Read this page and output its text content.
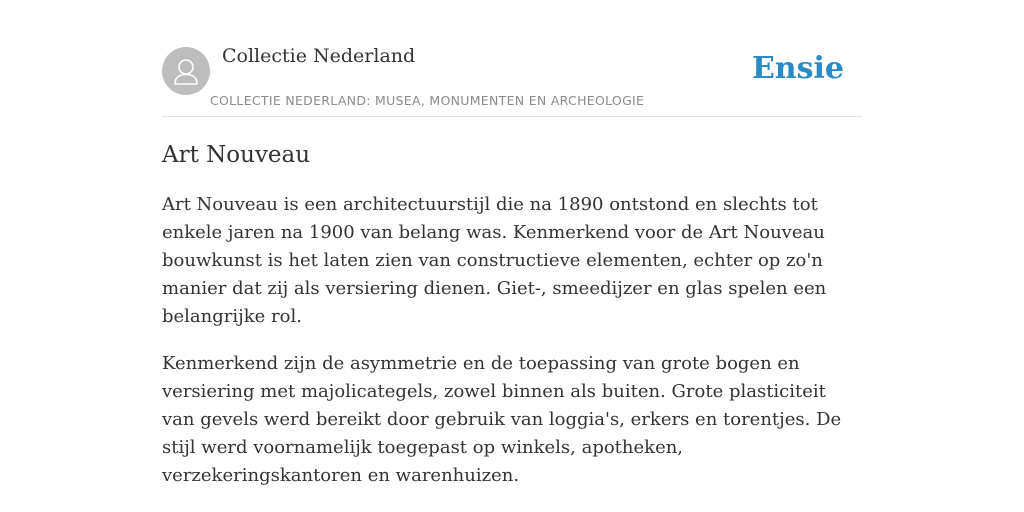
Collectie Nederland
COLLECTIE NEDERLAND: MUSEA, MONUMENTEN EN ARCHEOLOGIE
Ensie
Art Nouveau

Art Nouveau is een architectuurstijl die na 1890 ontstond en slechts tot enkele jaren na 1900 van belang was. Kenmerkend voor de Art Nouveau bouwkunst is het laten zien van constructieve elementen, echter op zo'n manier dat zij als versiering dienen. Giet-, smeedijzer en glas spelen een belangrijke rol.

Kenmerkend zijn de asymmetrie en de toepassing van grote bogen en versiering met majolicategels, zowel binnen als buiten. Grote plasticiteit van gevels werd bereikt door gebruik van loggia's, erkers en torentjes. De stijl werd voornamelijk toegepast op winkels, apotheken, verzekeringskantoren en warenhuizen.
